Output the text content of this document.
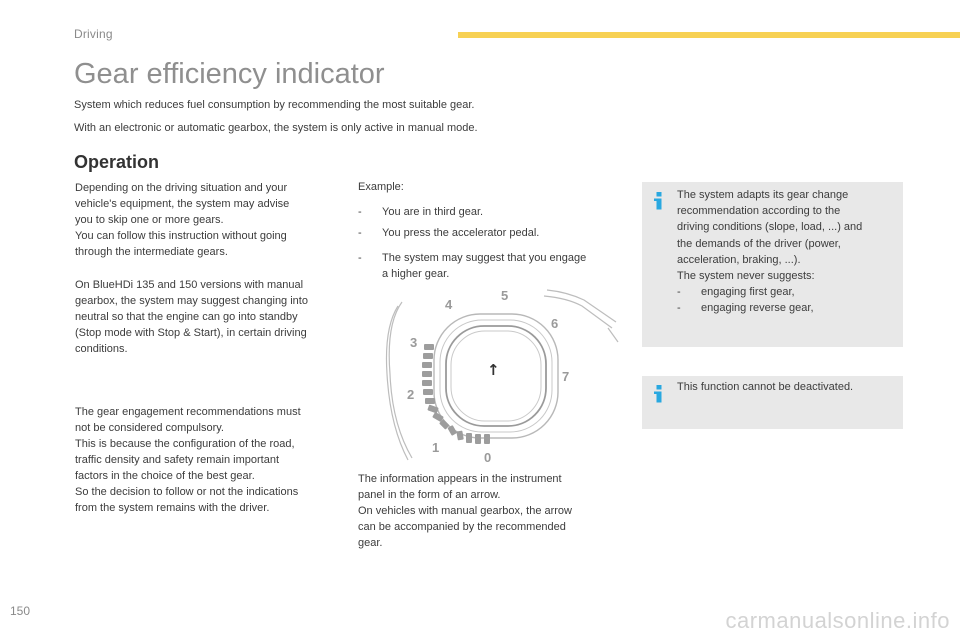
Driving
Gear efficiency indicator
System which reduces fuel consumption by recommending the most suitable gear.
With an electronic or automatic gearbox, the system is only active in manual mode.
Operation
Depending on the driving situation and your
vehicle's equipment, the system may advise
you to skip one or more gears.
You can follow this instruction without going
through the intermediate gears.
On BlueHDi 135 and 150 versions with manual
gearbox, the system may suggest changing into
neutral so that the engine can go into standby
(Stop mode with Stop & Start), in certain driving
conditions.
The gear engagement recommendations must
not be considered compulsory.
This is because the configuration of the road,
traffic density and safety remain important
factors in the choice of the best gear.
So the decision to follow or not the indications
from the system remains with the driver.
Example:
-	You are in third gear.
-	You press the accelerator pedal.
-	The system may suggest that you engage
a higher gear.
↑
0
1
2
3
4
5
6
7
The information appears in the instrument
panel in the form of an arrow.
On vehicles with manual gearbox, the arrow
can be accompanied by the recommended
gear.
The system adapts its gear change
recommendation according to the
driving conditions (slope, load, ...) and
the demands of the driver (power,
acceleration, braking, ...).
The system never suggests:
-	engaging first gear,
-	engaging reverse gear,
This function cannot be deactivated.
150	carmanualsonline.info
